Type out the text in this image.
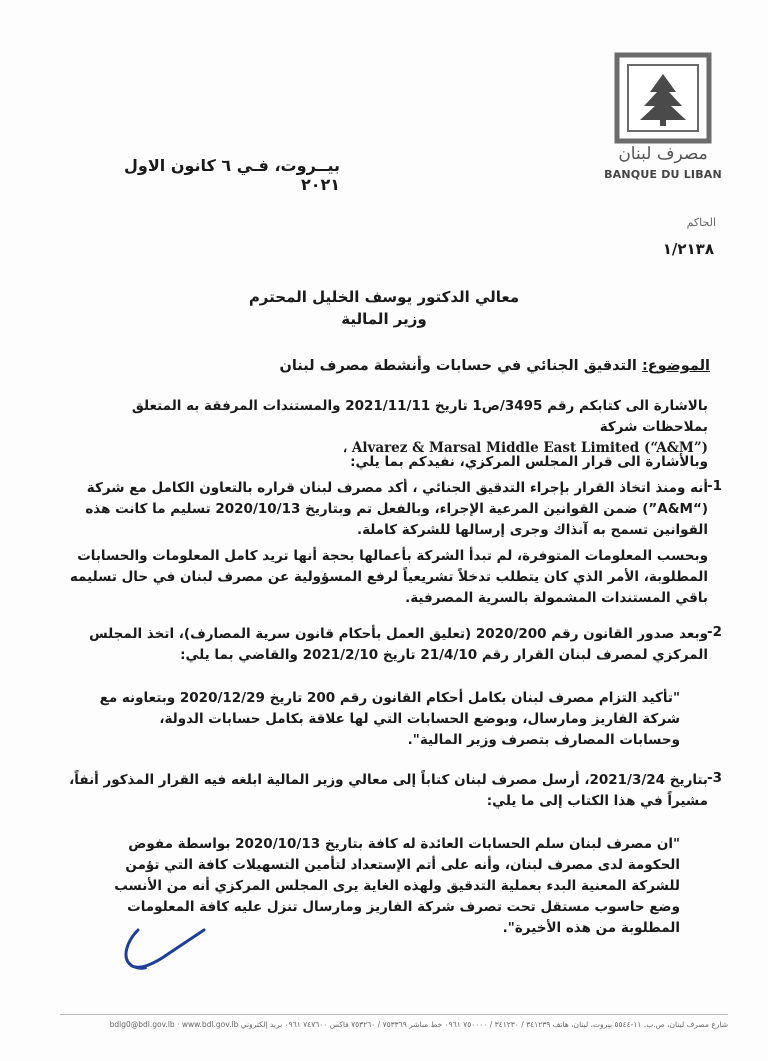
مصرف لبنان
BANQUE DU LIBAN
بيــروت، فـي ٦ كانون الاول ٢٠٢١
الحاكم
١/٢١٣٨
معالي الدكتور يوسف الخليل المحترم
وزير المالية
الموضوع: التدقيق الجنائي في حسابات وأنشطة مصرف لبنان
بالاشارة الى كتابكم رقم 3495/ص1 تاريخ 2021/11/11 والمستندات المرفقة به المتعلق بملاحظات شركة
Alvarez & Marsal Middle East Limited (“A&M”) ،
وبالأشارة الى قرار المجلس المركزي، نفيدكم بما يلي:
-1
أنه ومنذ اتخاذ القرار بإجراء التدقيق الجنائي ، أكد مصرف لبنان قراره بالتعاون الكامل مع شركة (“A&M”) ضمن القوانين المرعية الإجراء، وبالفعل تم وبتاريخ 2020/10/13 تسليم ما كانت هذه القوانين تسمح به آنذاك وجرى إرسالها للشركة كاملة.
وبحسب المعلومات المتوفرة، لم تبدأ الشركة بأعمالها بحجة أنها تريد كامل المعلومات والحسابات المطلوبة، الأمر الذي كان يتطلب تدخلاً تشريعياً لرفع المسؤولية عن مصرف لبنان في حال تسليمه باقي المستندات المشمولة بالسرية المصرفية.
-2
وبعد صدور القانون رقم 2020/200 (تعليق العمل بأحكام قانون سرية المصارف)، اتخذ المجلس المركزي لمصرف لبنان القرار رقم 21/4/10 تاريخ 2021/2/10 والقاضي بما يلي:
"تأكيد التزام مصرف لبنان بكامل أحكام القانون رقم 200 تاريخ 2020/12/29 وبتعاونه مع شركة الفاريز ومارسال، وبوضع الحسابات التي لها علاقة بكامل حسابات الدولة، وحسابات المصارف بتصرف وزير المالية".
-3
بتاريخ 2021/3/24، أرسل مصرف لبنان كتاباً إلى معالي وزير المالية ابلغه فيه القرار المذكور أنفاً، مشيراً في هذا الكتاب إلى ما يلي:
"ان مصرف لبنان سلم الحسابات العائدة له كافة بتاريخ 2020/10/13 بواسطة مفوض الحكومة لدى مصرف لبنان، وأنه على أتم الإستعداد لتأمين التسهيلات كافة التي تؤمن للشركة المعنية البدء بعملية التدقيق ولهذه الغاية يرى المجلس المركزي أنه من الأنسب وضع حاسوب مستقل تحت تصرف شركة الفاريز ومارسال تنزل عليه كافة المعلومات المطلوبة من هذه الأخيرة".
شارع مصرف لبنان، ص.ب. ١١-٥٥٤٤ بيروت، لبنان، هاتف ٣٤١٢٣٩ / ٣٤١٢٣٠ / ٧٥٠٠٠٠ ٠٩٦١ خط مباشر ٧٥٣٣٦٩ / ٧٥٣٢٦٠ فاكس ٧٤٧٦٠٠ ٠٩٦١ بريد إلكتروني bdlg0@bdl.gov.lb · www.bdl.gov.lb
